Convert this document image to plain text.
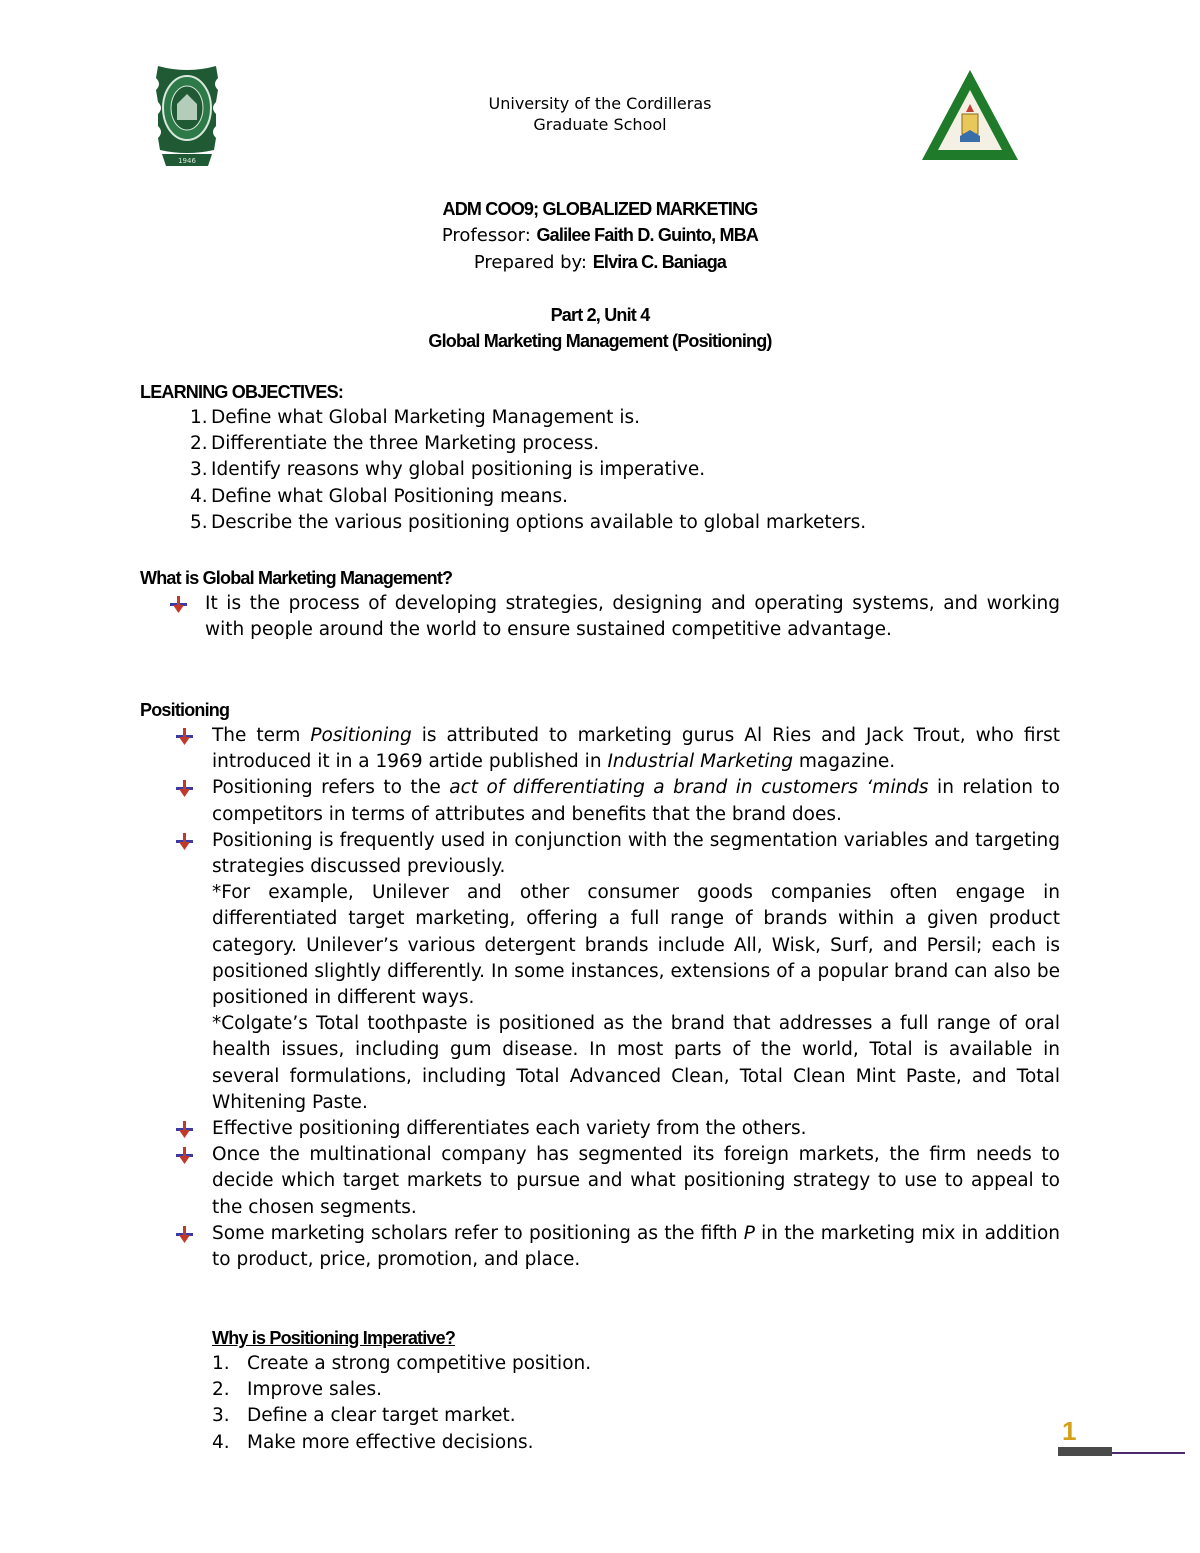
1946
University of the Cordilleras
Graduate School
ADM COO9; GLOBALIZED MARKETING
Professor: Galilee Faith D. Guinto, MBA
Prepared by: Elvira C. Baniaga
Part 2, Unit 4
Global Marketing Management (Positioning)
LEARNING OBJECTIVES:
1. Define what Global Marketing Management is.
2. Differentiate the three Marketing process.
3. Identify reasons why global positioning is imperative.
4. Define what Global Positioning means.
5. Describe the various positioning options available to global marketers.
What is Global Marketing Management?

It is the process of developing strategies, designing and operating systems, and working with people around the world to ensure sustained competitive advantage.

Positioning

The term Positioning is attributed to marketing gurus Al Ries and Jack Trout, who first introduced it in a 1969 artide published in Industrial Marketing magazine.

Positioning refers to the act of differentiating a brand in customers ‘minds in relation to competitors in terms of attributes and benefits that the brand does.

Positioning is frequently used in conjunction with the segmentation variables and targeting strategies discussed previously.

*For example, Unilever and other consumer goods companies often engage in differentiated target marketing, offering a full range of brands within a given product category. Unilever’s various detergent brands include All, Wisk, Surf, and Persil; each is positioned slightly differently. In some instances, extensions of a popular brand can also be positioned in different ways.

*Colgate’s Total toothpaste is positioned as the brand that addresses a full range of oral health issues, including gum disease. In most parts of the world, Total is available in several formulations, including Total Advanced Clean, Total Clean Mint Paste, and Total Whitening Paste.

Effective positioning differentiates each variety from the others.

Once the multinational company has segmented its foreign markets, the firm needs to decide which target markets to pursue and what positioning strategy to use to appeal to the chosen segments.

Some marketing scholars refer to positioning as the fifth P in the marketing mix in addition to product, price, promotion, and place.

Why is Positioning Imperative?
1. Create a strong competitive position.
2. Improve sales.
3. Define a clear target market.
4. Make more effective decisions.	1
